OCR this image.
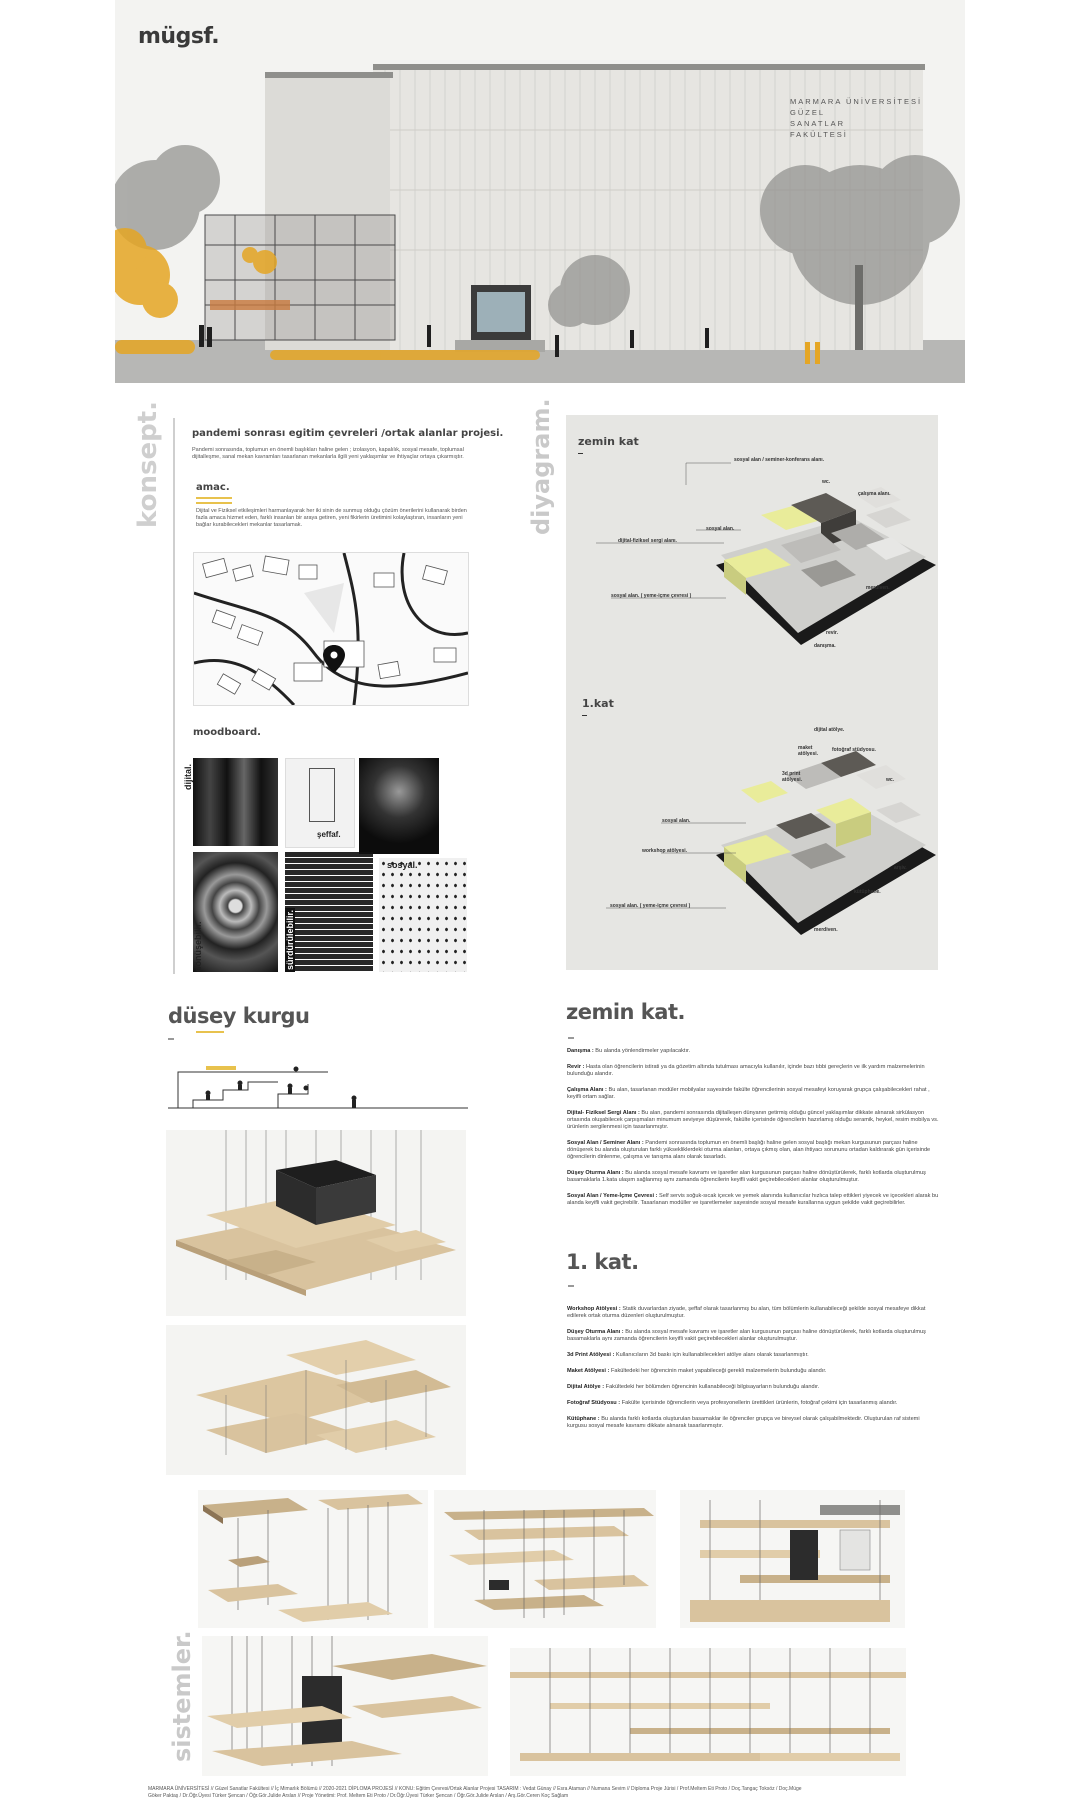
mügsf.
MARMARA ÜNİVERSİTESİ
GÜZEL
SANATLAR
FAKÜLTESİ
konsept.	pandemi sonrası egitim çevreleri /ortak alanlar projesi.
Pandemi sonrasında, toplumun en önemli başlıkları haline gelen ; izolasyon, kapalılık, sosyal mesafe, toplumsal dijitalleşme, sanal mekan kavramları tasarlanan mekanlarla ilgili yeni yaklaşımlar ve ihtiyaçlar ortaya çıkarmıştır.
amac.
Dijital ve Fiziksel etkileşimleri harmanlayarak her iki sinin de sunmuş olduğu çözüm önerilerini kullanarak birden fazla amaca hizmet eden, farklı insanları bir araya getiren, yeni fikirlerin üretimini kolaylaştıran, insanların yeni bağlar kurabilecekleri mekanlar tasarlamak.
moodboard.
dijital.
şeffaf.
dönüşebilir.	sürdürülebilir.
sosyal.
diyagram. zemin kat
sosyal alan / seminer-konferans alanı.
wc.
çalışma alanı.
sosyal alan.
dijital-fiziksel sergi alanı.
sosyal alan. ( yeme-içme çevresi )
merdiven.
revir.
danışma.
1.kat
dijital atölye.
maket atölyesi.
fotoğraf stüdyosu.
3d print atölyesi.	wc.
sosyal alan.
workshop atölyesi.
arşiv.
kütüphane.
sosyal alan. ( yeme-içme çevresi )
merdiven.
düsey kurgu	zemin kat.

Danışma : Bu alanda yönlendirmeler yapılacaktır.

Revir : Hasta olan öğrencilerin istirati ya da gözetim altında tutulması amacıyla kullanılır, içinde bazı tıbbi gereçlerin ve ilk yardım malzemelerinin bulunduğu alandır.

Çalışma Alanı : Bu alan, tasarlanan modüler mobilyalar sayesinde fakülte öğrencilerinin sosyal mesafeyi koruyarak grupça çalışabilecekleri rahat , keyifli ortam sağlar.

Dijital- Fiziksel Sergi Alanı : Bu alan, pandemi sonrasında dijitalleşen dünyanın getirmiş olduğu güncel yaklaşımlar dikkate alınarak sirkülasyon ortasında oluşabilecek çarpışmaları minumum seviyeye düşürerek, fakülte içerisinde öğrencilerin hazırlamış olduğu seramik, heykel, resim mobilya vs. ürünlerin sergilenmesi için tasarlanmıştır.

Sosyal Alan / Seminer Alanı : Pandemi sonrasında toplumun en önemli başlığı haline gelen sosyal başlığı mekan kurgusunun parçası haline dönüşerek bu alanda oluşturulan farklı yüksekliklerdeki oturma alanları, ortaya çıkmış olan, alan ihtiyacı sorununu ortadan kaldırarak gün içerisinde öğrencilerin dinlenme, çalışma ve tanışma alanı olarak tasarladı.

Düşey Oturma Alanı : Bu alanda sosyal mesafe kavramı ve işaretler alan kurgusunun parçası haline dönüştürülerek, farklı kotlarda oluşturulmuş basamaklarla 1.kata ulaşım sağlanmış aynı zamanda öğrencilerin keyifli vakit geçirebilecekleri alanlar oluşturulmuştur.

Sosyal Alan / Yeme-İçme Çevresi : Self servis soğuk-sıcak içecek ve yemek alanında kullanıcılar hızlıca talep ettikleri yiyecek ve içecekleri alarak bu alanda keyifli vakit geçirebilir. Tasarlanan modüller ve işaretlemeler sayesinde sosyal mesafe kurallarına uygun şekilde vakit geçirebilirler.

1. kat.

Workshop Atölyesi : Statik duvarlardan ziyade, şeffaf olarak tasarlanmış bu alan, tüm bölümlerin kullanabileceği şekilde sosyal mesafeye dikkat edilerek ortak oturma düzenleri oluşturulmuştur.

Düşey Oturma Alanı : Bu alanda sosyal mesafe kavramı ve işaretler alan kurgusunun parçası haline dönüştürülerek, farklı kotlarda oluşturulmuş basamaklarla aynı zamanda öğrencilerin keyifli vakit geçirebilecekleri alanlar oluşturulmuştur.

3d Print Atölyesi : Kullanıcıların 3d baskı için kullanabilecekleri atölye alanı olarak tasarlanmıştır.

Maket Atölyesi : Fakültedeki her öğrencinin maket yapabileceği gerekli malzemelerin bulunduğu alandır.

Dijital Atölye : Fakültedeki her bölümden öğrencinin kullanabileceği bilgisayarların bulunduğu alandır.

Fotoğraf Stüdyosu : Fakülte içerisinde öğrencilerin veya profesyonellerin ürettikleri ürünlerin, fotoğraf çekimi için tasarlanmış alandır.

Kütüphane : Bu alanda farklı kotlarda oluşturulan basamaklar ile öğrenciler grupça ve bireysel olarak çalışabilmektedir. Oluşturulan raf sistemi kurgusu sosyal mesafe kavramı dikkate alınarak tasarlanmıştır.

sistemler.
MARMARA ÜNİVERSİTESİ // Güzel Sanatlar Fakültesi // İç Mimarlık Bölümü // 2020-2021 DİPLOMA PROJESİ // KONU: Eğitim Çevresi/Ortak Alanlar Projesi TASARIM : Vedat Günay // Esra Ataman // Numana Sevim // Diploma Proje Jürisi / Prof.Meltem Eti Proto / Doç.Tangaç Toksöz / Doç.Müge
Göker Paktaş / Dr.Öğr.Üyesi Türker Şencan / Öğr.Gör.Julide Arslan // Proje Yönetimi: Prof. Meltem Eti Proto / Dr.Öğr.Üyesi Türker Şencan / Öğr.Gör.Julide Arslan / Arş.Gör.Ceren Koç Sağlam
